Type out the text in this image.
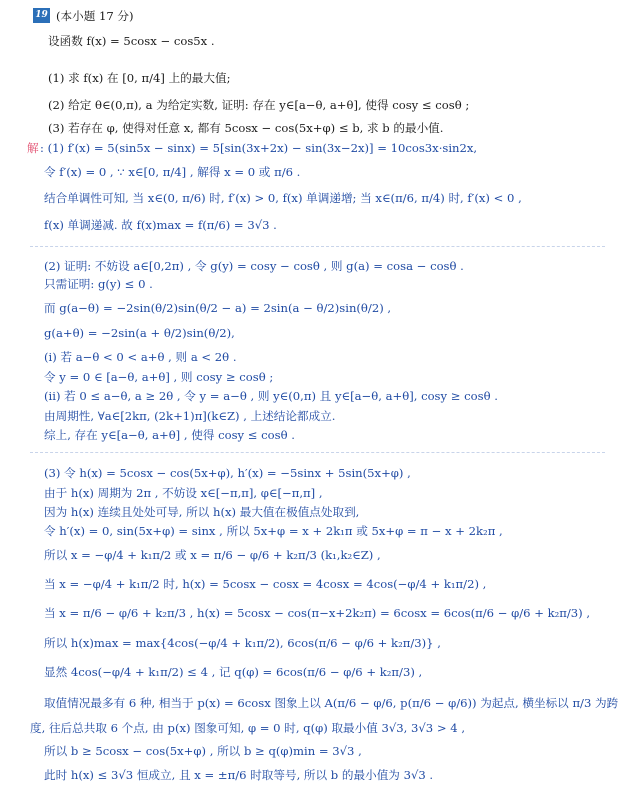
19 (本小题 17 分)
设函数 f(x) = 5cosx − cos5x .
(1) 求 f(x) 在 [0, π/4] 上的最大值;
(2) 给定 θ∈(0,π), a 为给定实数, 证明: 存在 y∈[a−θ, a+θ], 使得 cosy ≤ cosθ ;
(3) 若存在 φ, 使得对任意 x, 都有 5cosx − cos(5x+φ) ≤ b, 求 b 的最小值.
解 : (1) f′(x) = 5(sin5x − sinx) = 5[sin(3x+2x) − sin(3x−2x)] = 10cos3x·sin2x,
令 f′(x) = 0 , ∵ x∈[0, π/4] , 解得 x = 0 或 π/6 .
结合单调性可知, 当 x∈(0, π/6) 时, f′(x) > 0, f(x) 单调递增; 当 x∈(π/6, π/4) 时, f′(x) < 0 ,
f(x) 单调递减. 故 f(x)max = f(π/6) = 3√3 .
(2) 证明: 不妨设 a∈[0,2π) , 令 g(y) = cosy − cosθ , 则 g(a) = cosa − cosθ .
只需证明: g(y) ≤ 0 .
而 g(a−θ) = −2sin(θ/2)sin(θ/2 − a) = 2sin(a − θ/2)sin(θ/2) ,
g(a+θ) = −2sin(a + θ/2)sin(θ/2),
(i) 若 a−θ < 0 < a+θ , 则 a < 2θ .
令 y = 0 ∈ [a−θ, a+θ] , 则 cosy ≥ cosθ ;
(ii) 若 0 ≤ a−θ, a ≥ 2θ , 令 y = a−θ , 则 y∈(0,π) 且 y∈[a−θ, a+θ], cosy ≥ cosθ .
由周期性, ∀a∈[2kπ, (2k+1)π](k∈Z) , 上述结论都成立.
综上, 存在 y∈[a−θ, a+θ] , 使得 cosy ≤ cosθ .
(3) 令 h(x) = 5cosx − cos(5x+φ), h′(x) = −5sinx + 5sin(5x+φ) ,
由于 h(x) 周期为 2π , 不妨设 x∈[−π,π], φ∈[−π,π] ,
因为 h(x) 连续且处处可导, 所以 h(x) 最大值在极值点处取到,
令 h′(x) = 0, sin(5x+φ) = sinx , 所以 5x+φ = x + 2k₁π 或 5x+φ = π − x + 2k₂π ,
所以 x = −φ/4 + k₁π/2 或 x = π/6 − φ/6 + k₂π/3 (k₁,k₂∈Z) ,
当 x = −φ/4 + k₁π/2 时, h(x) = 5cosx − cosx = 4cosx = 4cos(−φ/4 + k₁π/2) ,
当 x = π/6 − φ/6 + k₂π/3 , h(x) = 5cosx − cos(π−x+2k₂π) = 6cosx = 6cos(π/6 − φ/6 + k₂π/3) ,
所以 h(x)max = max{4cos(−φ/4 + k₁π/2), 6cos(π/6 − φ/6 + k₂π/3)} ,
显然 4cos(−φ/4 + k₁π/2) ≤ 4 , 记 q(φ) = 6cos(π/6 − φ/6 + k₂π/3) ,
取值情况最多有 6 种, 相当于 p(x) = 6cosx 图象上以 A(π/6 − φ/6, p(π/6 − φ/6)) 为起点, 横坐标以 π/3 为跨
度, 往后总共取 6 个点, 由 p(x) 图象可知, φ = 0 时, q(φ) 取最小值 3√3, 3√3 > 4 ,
所以 b ≥ 5cosx − cos(5x+φ) , 所以 b ≥ q(φ)min = 3√3 ,
此时 h(x) ≤ 3√3 恒成立, 且 x = ±π/6 时取等号, 所以 b 的最小值为 3√3 .
